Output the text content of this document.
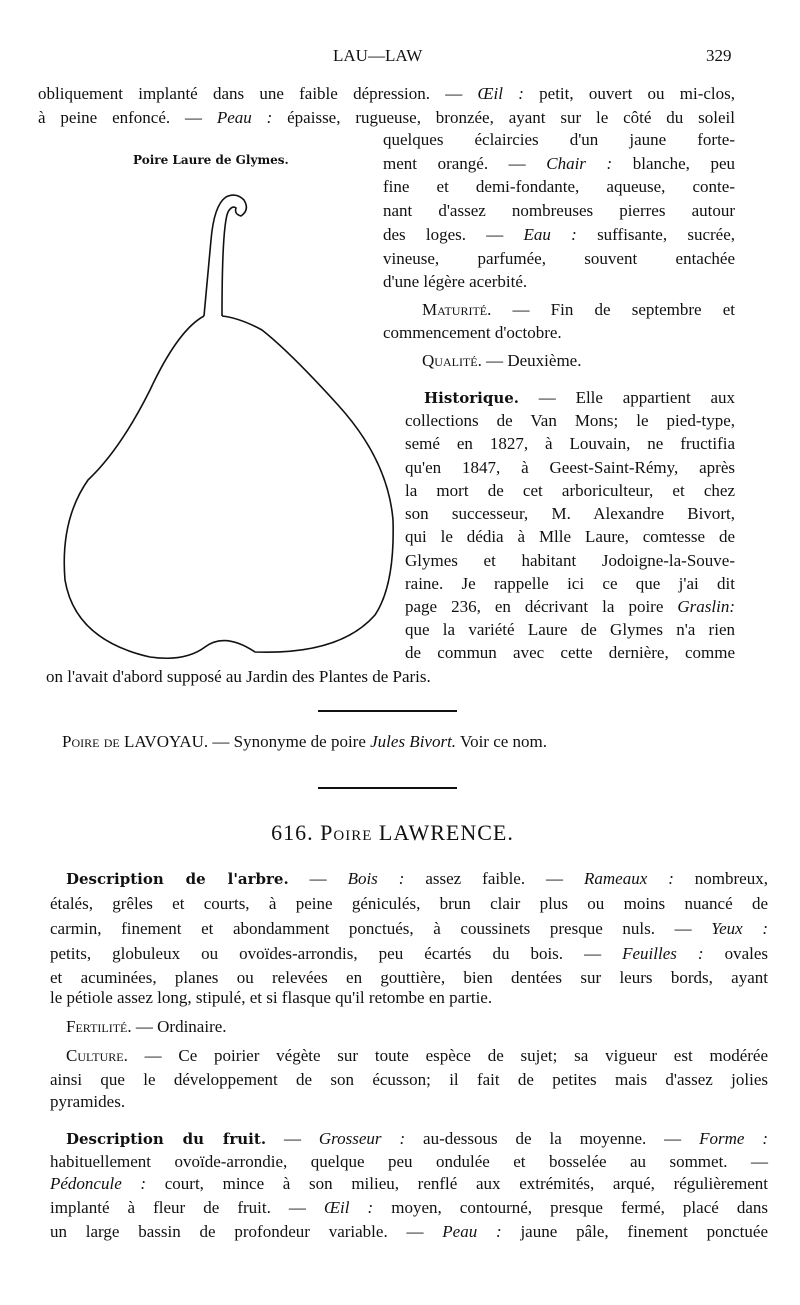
LAU—LAW	329
Poire Laure de Glymes.
obliquement implanté dans une faible dépression. — Œil : petit, ouvert ou mi-clos,
à peine enfoncé. — Peau : épaisse, rugueuse, bronzée, ayant sur le côté du soleil
quelques éclaircies d'un jaune forte-
ment orangé. — Chair : blanche, peu
fine et demi-fondante, aqueuse, conte-
nant d'assez nombreuses pierres autour
des loges. — Eau : suffisante, sucrée,
vineuse, parfumée, souvent entachée
d'une légère acerbité.
Maturité. — Fin de septembre et
commencement d'octobre.
Qualité. — Deuxième.
Historique. — Elle appartient aux
collections de Van Mons; le pied-type,
semé en 1827, à Louvain, ne fructifia
qu'en 1847, à Geest-Saint-Rémy, après
la mort de cet arboriculteur, et chez
son successeur, M. Alexandre Bivort,
qui le dédia à Mlle Laure, comtesse de
Glymes et habitant Jodoigne-la-Souve-
raine. Je rappelle ici ce que j'ai dit
page 236, en décrivant la poire Graslin:
que la variété Laure de Glymes n'a rien
de commun avec cette dernière, comme
on l'avait d'abord supposé au Jardin des Plantes de Paris.
Poire de LAVOYAU. — Synonyme de poire Jules Bivort. Voir ce nom.
Description de l'arbre. — Bois : assez faible. — Rameaux : nombreux,
étalés, grêles et courts, à peine géniculés, brun clair plus ou moins nuancé de
carmin, finement et abondamment ponctués, à coussinets presque nuls. — Yeux :
petits, globuleux ou ovoïdes-arrondis, peu écartés du bois. — Feuilles : ovales
et acuminées, planes ou relevées en gouttière, bien dentées sur leurs bords, ayant
le pétiole assez long, stipulé, et si flasque qu'il retombe en partie.
Fertilité. — Ordinaire.
Culture. — Ce poirier végète sur toute espèce de sujet; sa vigueur est modérée
ainsi que le développement de son écusson; il fait de petites mais d'assez jolies
pyramides.
Description du fruit. — Grosseur : au-dessous de la moyenne. — Forme :
habituellement ovoïde-arrondie, quelque peu ondulée et bosselée au sommet. —
Pédoncule : court, mince à son milieu, renflé aux extrémités, arqué, régulièrement
implanté à fleur de fruit. — Œil : moyen, contourné, presque fermé, placé dans
un large bassin de profondeur variable. — Peau : jaune pâle, finement ponctuée
616. Poire LAWRENCE.
